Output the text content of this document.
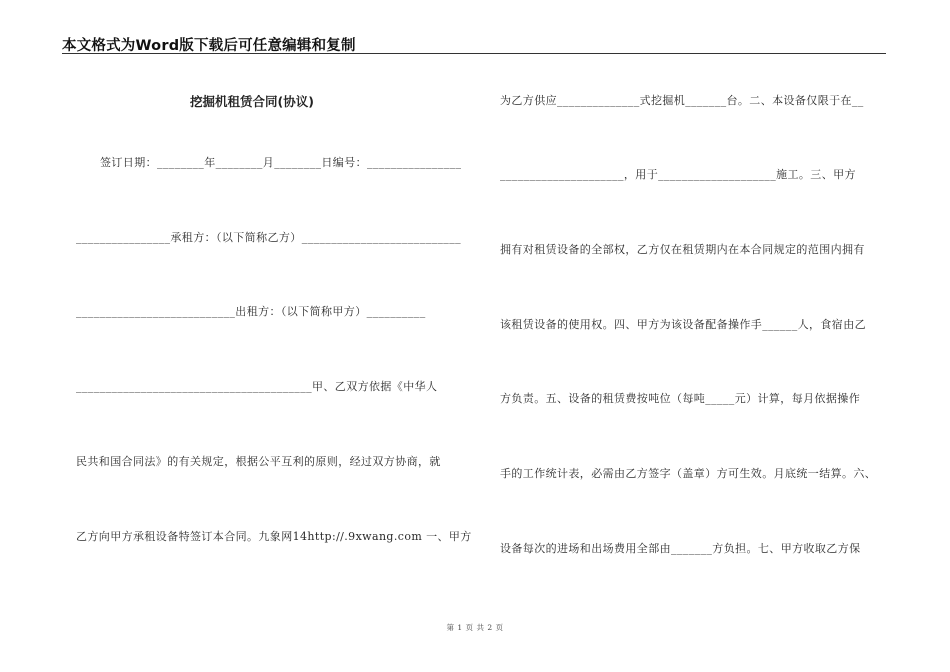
本文格式为Word版下载后可任意编辑和复制
挖掘机租赁合同(协议)
签订日期：________年________月________日编号：________________
________________承租方：（以下简称乙方）___________________________
___________________________出租方：（以下简称甲方）__________
________________________________________甲、乙双方依据《中华人
民共和国合同法》的有关规定，根据公平互利的原则，经过双方协商，就
乙方向甲方承租设备特签订本合同。九象网14http://.9xwang.com 一、甲方
为乙方供应______________式挖掘机_______台。二、本设备仅限于在__
_____________________，用于____________________施工。三、甲方
拥有对租赁设备的全部权，乙方仅在租赁期内在本合同规定的范围内拥有
该租赁设备的使用权。四、甲方为该设备配备操作手______人，食宿由乙
方负责。五、设备的租赁费按吨位（每吨_____元）计算，每月依据操作
手的工作统计表，必需由乙方签字（盖章）方可生效。月底统一结算。六、
设备每次的进场和出场费用全部由_______方负担。七、甲方收取乙方保
第 1 页 共 2 页
